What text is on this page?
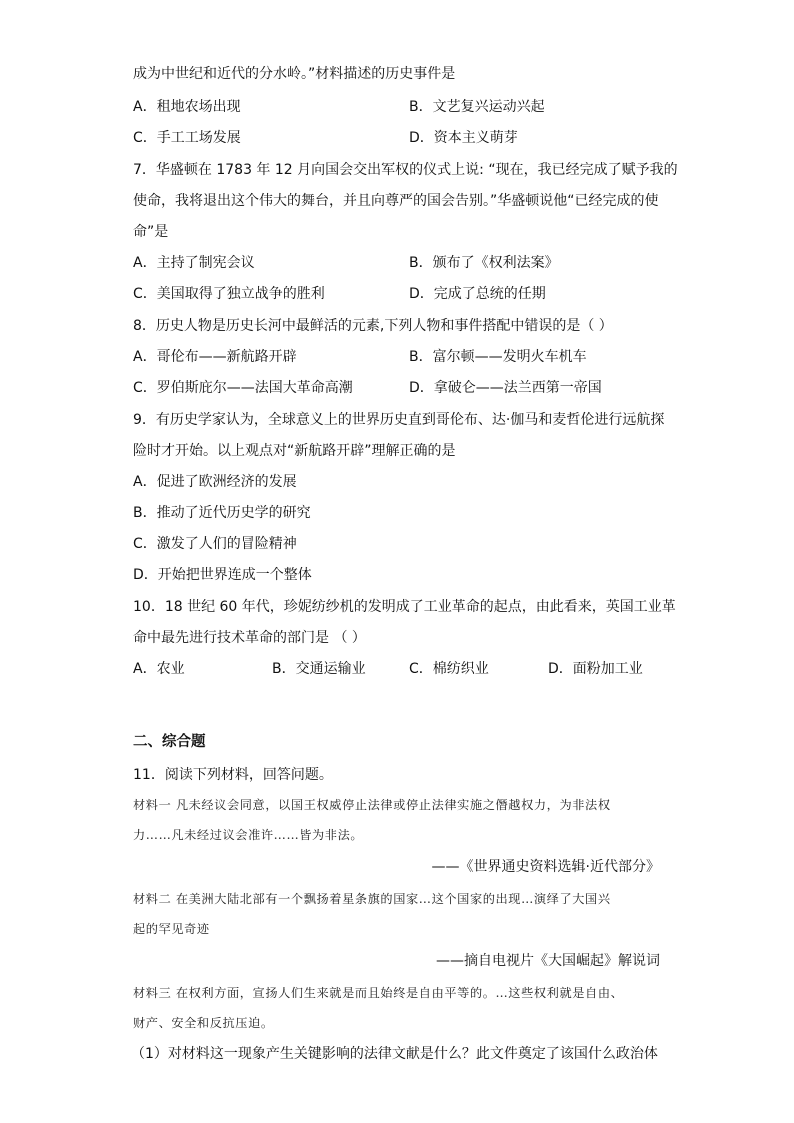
成为中世纪和近代的分水岭。”材料描述的历史事件是
A．租地农场出现	B．文艺复兴运动兴起
C．手工工场发展	D．资本主义萌芽
7．华盛顿在 1783 年 12 月向国会交出军权的仪式上说: “现在，我已经完成了赋予我的
使命，我将退出这个伟大的舞台，并且向尊严的国会告别。”华盛顿说他“已经完成的使
命”是
A．主持了制宪会议	B．颁布了《权利法案》
C．美国取得了独立战争的胜利	D．完成了总统的任期
8．历史人物是历史长河中最鲜活的元素,下列人物和事件搭配中错误的是（ ）
A．哥伦布——新航路开辟	B．富尔顿——发明火车机车
C．罗伯斯庇尔——法国大革命高潮	D．拿破仑——法兰西第一帝国
9．有历史学家认为，全球意义上的世界历史直到哥伦布、达·伽马和麦哲伦进行远航探
险时才开始。以上观点对“新航路开辟”理解正确的是
A．促进了欧洲经济的发展
B．推动了近代历史学的研究
C．激发了人们的冒险精神
D．开始把世界连成一个整体
10．18 世纪 60 年代，珍妮纺纱机的发明成了工业革命的起点，由此看来，英国工业革
命中最先进行技术革命的部门是 （ ）
A．农业	B．交通运输业	C．棉纺织业	D．面粉加工业
二、综合题
11．阅读下列材料，回答问题。
材料一 凡未经议会同意，以国王权威停止法律或停止法律实施之僭越权力，为非法权
力……凡未经过议会准许……皆为非法。
——《世界通史资料选辑·近代部分》
材料二 在美洲大陆北部有一个飘扬着星条旗的国家…这个国家的出现…演绎了大国兴
起的罕见奇迹
——摘自电视片《大国崛起》解说词
材料三 在权利方面，宣扬人们生来就是而且始终是自由平等的。…这些权利就是自由、
财产、安全和反抗压迫。
（1）对材料这一现象产生关键影响的法律文献是什么？此文件奠定了该国什么政治体
